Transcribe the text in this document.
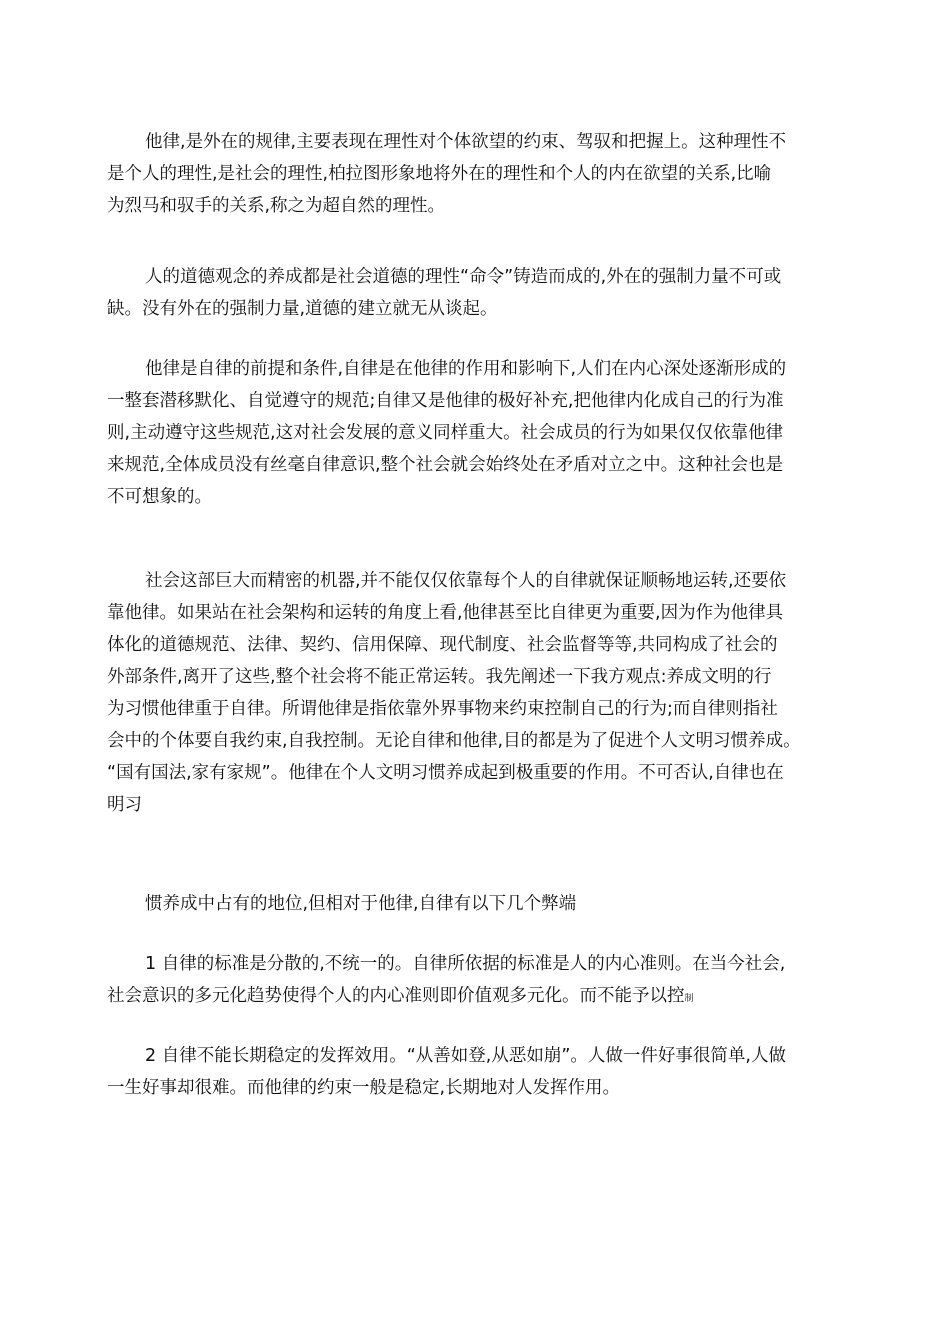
他律,是外在的规律,主要表现在理性对个体欲望的约束、驾驭和把握上。这种理性不
是个人的理性,是社会的理性,柏拉图形象地将外在的理性和个人的内在欲望的关系,比喻
为烈马和驭手的关系,称之为超自然的理性。
人的道德观念的养成都是社会道德的理性“命令”铸造而成的,外在的强制力量不可或
缺。没有外在的强制力量,道德的建立就无从谈起。
他律是自律的前提和条件,自律是在他律的作用和影响下,人们在内心深处逐渐形成的
一整套潜移默化、自觉遵守的规范;自律又是他律的极好补充,把他律内化成自己的行为准
则,主动遵守这些规范,这对社会发展的意义同样重大。社会成员的行为如果仅仅依靠他律
来规范,全体成员没有丝毫自律意识,整个社会就会始终处在矛盾对立之中。这种社会也是
不可想象的。
社会这部巨大而精密的机器,并不能仅仅依靠每个人的自律就保证顺畅地运转,还要依
靠他律。如果站在社会架构和运转的角度上看,他律甚至比自律更为重要,因为作为他律具
体化的道德规范、法律、契约、信用保障、现代制度、社会监督等等,共同构成了社会的
外部条件,离开了这些,整个社会将不能正常运转。我先阐述一下我方观点:养成文明的行
为习惯他律重于自律。所谓他律是指依靠外界事物来约束控制自己的行为;而自律则指社
会中的个体要自我约束,自我控制。无论自律和他律,目的都是为了促进个人文明习惯养成。
“国有国法,家有家规”。他律在个人文明习惯养成起到极重要的作用。不可否认,自律也在
明习
惯养成中占有的地位,但相对于他律,自律有以下几个弊端
1 自律的标准是分散的,不统一的。自律所依据的标准是人的内心准则。在当今社会,
社会意识的多元化趋势使得个人的内心准则即价值观多元化。而不能予以控制
2 自律不能长期稳定的发挥效用。“从善如登,从恶如崩”。人做一件好事很简单,人做
一生好事却很难。而他律的约束一般是稳定,长期地对人发挥作用。
